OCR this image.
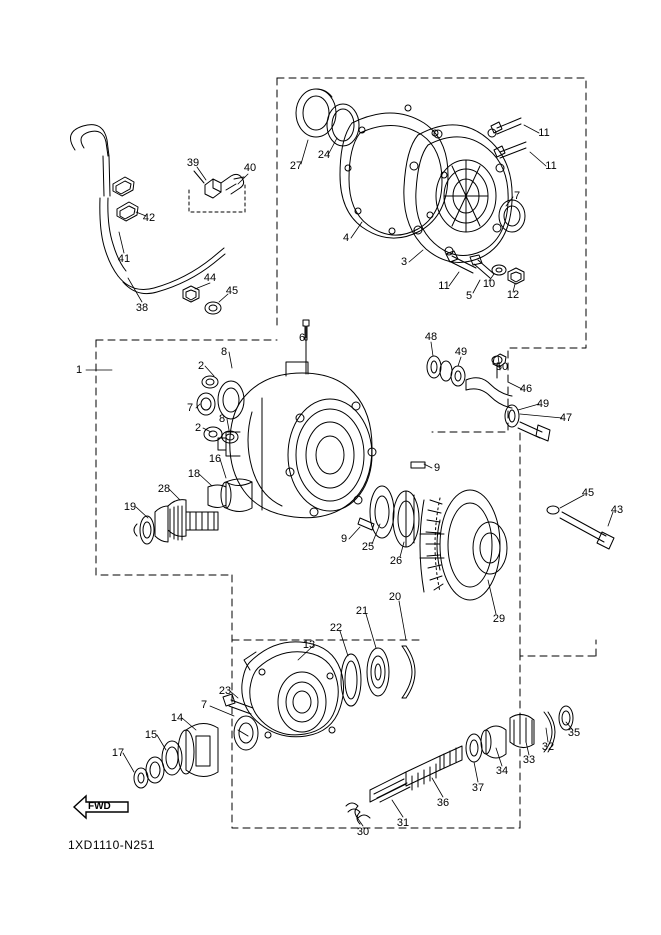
FWD
1XD1110-N251
1	2
2
3
4
5
6
7
7
7
8
8
9
9
10
11
11
11
12
13
14
15
16
17
18
19
20
21
22
23
24
25
26
27
28
29
30
31
32
33
34
35
36
37
38
39	40
41
42
43
44
45
45
46
47
48
49
49
50
